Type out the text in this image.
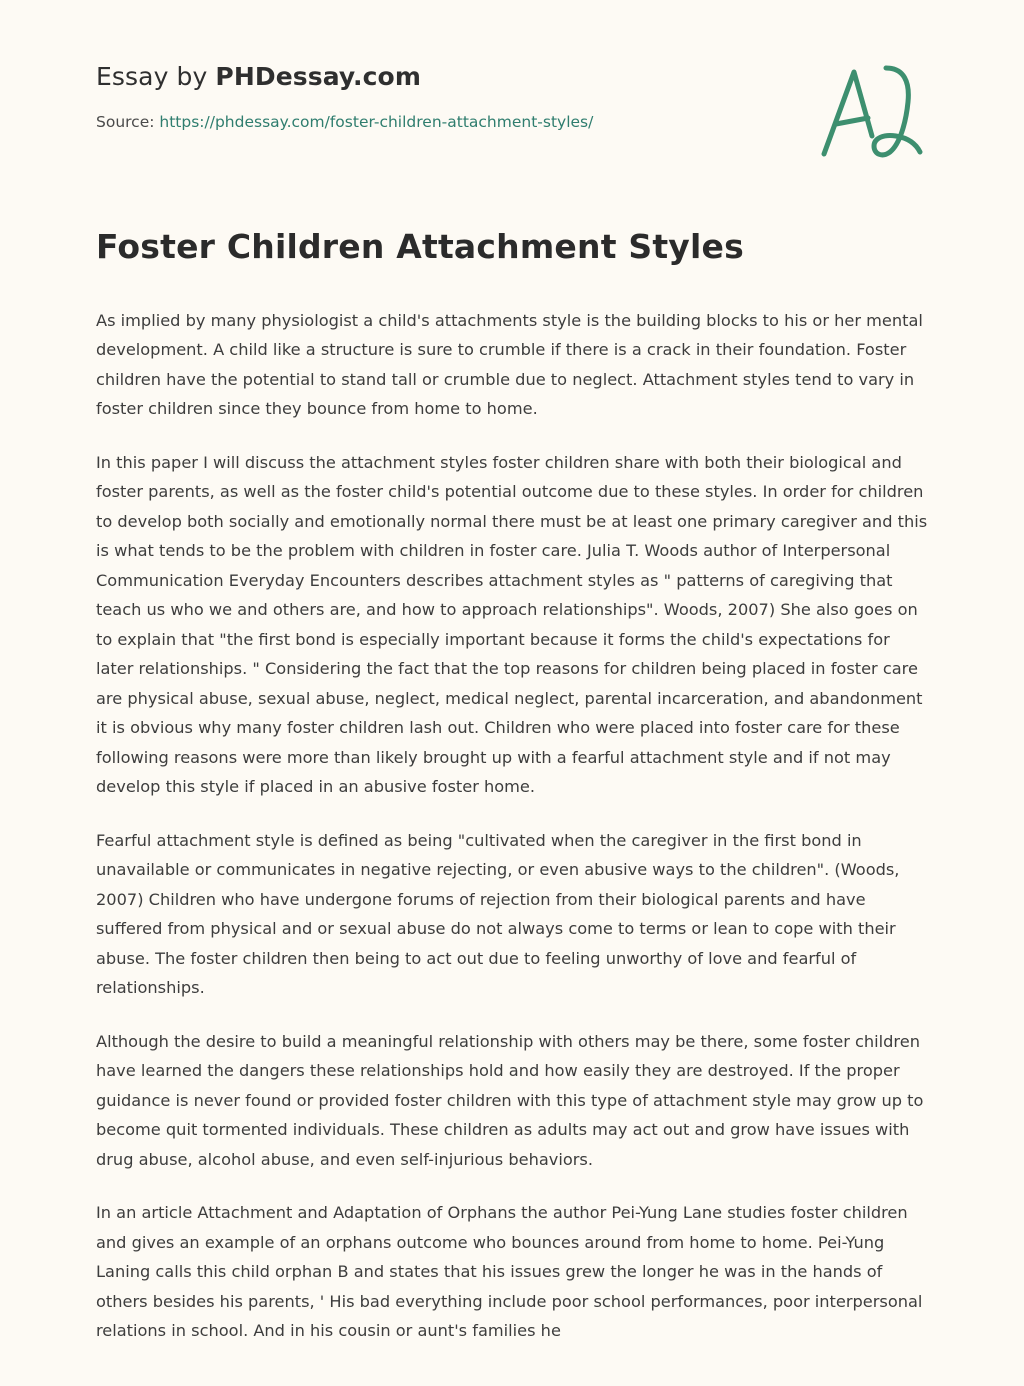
Essay by PHDessay.com
Source: https://phdessay.com/foster-children-attachment-styles/
Foster Children Attachment Styles

As implied by many physiologist a child's attachments style is the building blocks to his or her mental development. A child like a structure is sure to crumble if there is a crack in their foundation. Foster children have the potential to stand tall or crumble due to neglect. Attachment styles tend to vary in foster children since they bounce from home to home.

In this paper I will discuss the attachment styles foster children share with both their biological and foster parents, as well as the foster child's potential outcome due to these styles. In order for children to develop both socially and emotionally normal there must be at least one primary caregiver and this is what tends to be the problem with children in foster care. Julia T. Woods author of Interpersonal Communication Everyday Encounters describes attachment styles as " patterns of caregiving that teach us who we and others are, and how to approach relationships". Woods, 2007) She also goes on to explain that "the first bond is especially important because it forms the child's expectations for later relationships. " Considering the fact that the top reasons for children being placed in foster care are physical abuse, sexual abuse, neglect, medical neglect, parental incarceration, and abandonment it is obvious why many foster children lash out. Children who were placed into foster care for these following reasons were more than likely brought up with a fearful attachment style and if not may develop this style if placed in an abusive foster home.

Fearful attachment style is defined as being "cultivated when the caregiver in the first bond in unavailable or communicates in negative rejecting, or even abusive ways to the children". (Woods, 2007) Children who have undergone forums of rejection from their biological parents and have suffered from physical and or sexual abuse do not always come to terms or lean to cope with their abuse. The foster children then being to act out due to feeling unworthy of love and fearful of relationships.

Although the desire to build a meaningful relationship with others may be there, some foster children have learned the dangers these relationships hold and how easily they are destroyed. If the proper guidance is never found or provided foster children with this type of attachment style may grow up to become quit tormented individuals. These children as adults may act out and grow have issues with drug abuse, alcohol abuse, and even self-injurious behaviors.

In an article Attachment and Adaptation of Orphans the author Pei-Yung Lane studies foster children and gives an example of an orphans outcome who bounces around from home to home. Pei-Yung Laning calls this child orphan B and states that his issues grew the longer he was in the hands of others besides his parents, ' His bad everything include poor school performances, poor interpersonal relations in school. And in his cousin or aunt's families he
